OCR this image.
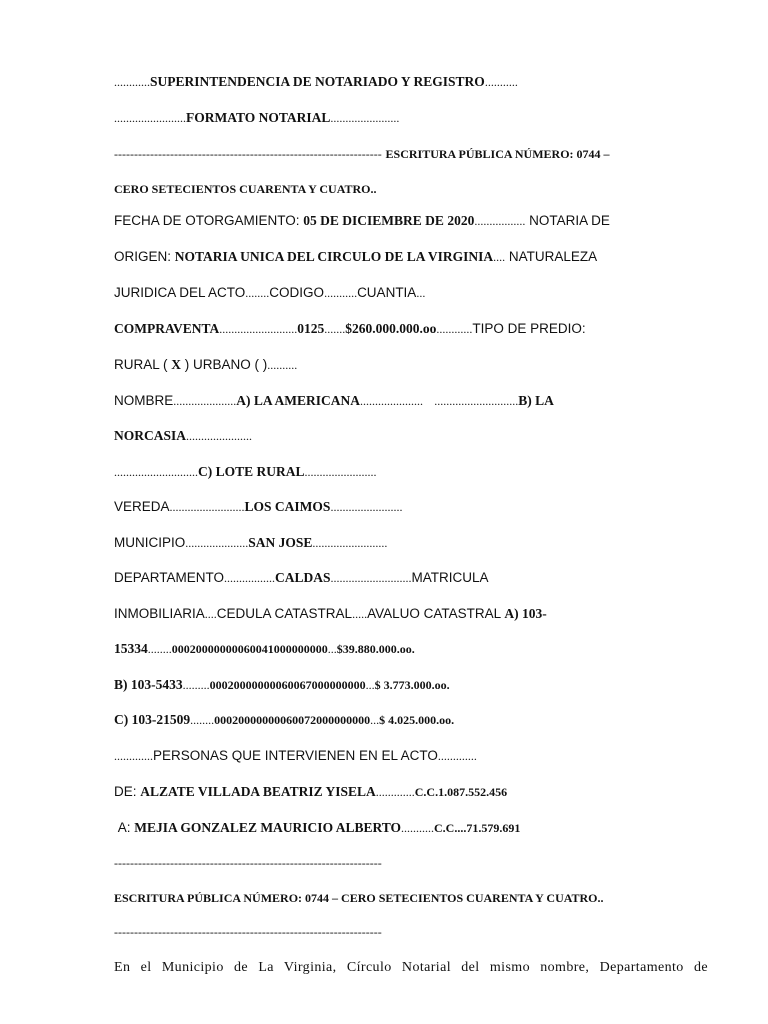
............SUPERINTENDENCIA DE NOTARIADO Y REGISTRO...........
........................FORMATO NOTARIAL.......................
------------------------------------------------------------------- ESCRITURA PÚBLICA NÚMERO: 0744 –
CERO SETECIENTOS CUARENTA Y CUATRO..
FECHA DE OTORGAMIENTO: 05 DE DICIEMBRE DE 2020................. NOTARIA DE
ORIGEN: NOTARIA UNICA DEL CIRCULO DE LA VIRGINIA.... NATURALEZA
JURIDICA DEL ACTO........CODIGO...........CUANTIA...
COMPRAVENTA..........................0125.......$260.000.000.oo............TIPO DE PREDIO:
RURAL ( X ) URBANO ( )..........
NOMBRE.....................A) LA AMERICANA..................... ............................B) LA
NORCASIA......................
............................C) LOTE RURAL........................
VEREDA.........................LOS CAIMOS........................
MUNICIPIO.....................SAN JOSE.........................
DEPARTAMENTO.................CALDAS...........................MATRICULA
INMOBILIARIA....CEDULA CATASTRAL.....AVALUO CATASTRAL A) 103-
15334........00020000000060041000000000...$39.880.000.oo.
B) 103-5433.........00020000000060067000000000...$ 3.773.000.oo.
C) 103-21509........00020000000060072000000000...$ 4.025.000.oo.
.............PERSONAS QUE INTERVIENEN EN EL ACTO.............
DE: ALZATE VILLADA BEATRIZ YISELA.............C.C.1.087.552.456
A: MEJIA GONZALEZ MAURICIO ALBERTO...........C.C....71.579.691
-------------------------------------------------------------------
ESCRITURA PÚBLICA NÚMERO: 0744 – CERO SETECIENTOS CUARENTA Y CUATRO..
-------------------------------------------------------------------
En el Municipio de La Virginia, Círculo Notarial del mismo nombre, Departamento de
